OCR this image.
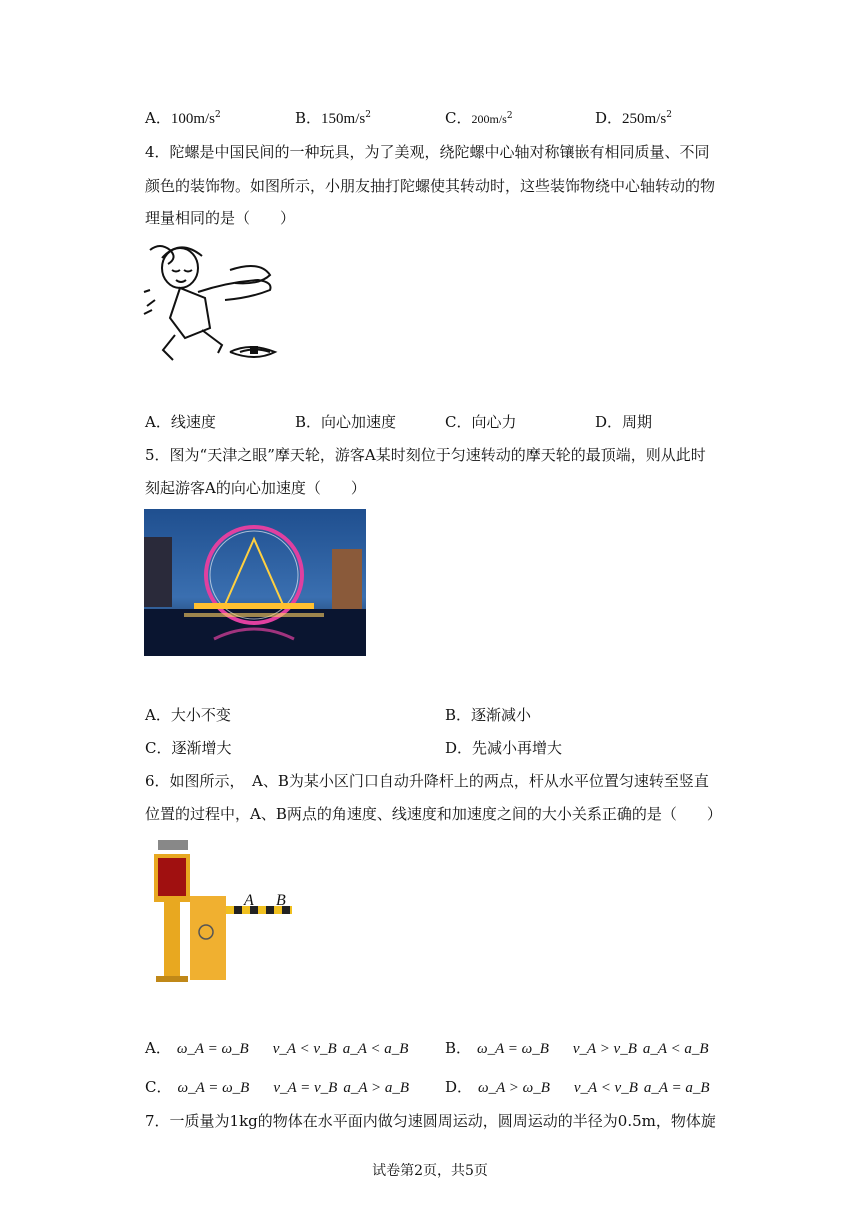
A．$100m/s^2$	B．$150m/s^2$	C．$200m/s^2$	D．$250m/s^2$
4．陀螺是中国民间的一种玩具，为了美观，绕陀螺中心轴对称镶嵌有相同质量、不同
颜色的装饰物。如图所示，小朋友抽打陀螺使其转动时，这些装饰物绕中心轴转动的物
理量相同的是（　　）
A．线速度	B．向心加速度	C．向心力	D．周期
5．图为“天津之眼”摩天轮，游客A某时刻位于匀速转动的摩天轮的最顶端，则从此时
刻起游客A的向心加速度（　　）
A．大小不变	B．逐渐减小
C．逐渐增大	D．先减小再增大
6．如图所示，　A、B为某小区门口自动升降杆上的两点，杆从水平位置匀速转至竖直
位置的过程中，A、B两点的角速度、线速度和加速度之间的大小关系正确的是（　　）
A B
A． ω_A = ω_B v_A < v_B a_A < a_B B． ω_A = ω_B v_A > v_B a_A < a_B
C． ω_A = ω_B v_A = v_B a_A > a_B D． ω_A > ω_B v_A < v_B a_A = a_B
7．一质量为1kg的物体在水平面内做匀速圆周运动，圆周运动的半径为0.5m，物体旋
试卷第2页，共5页
